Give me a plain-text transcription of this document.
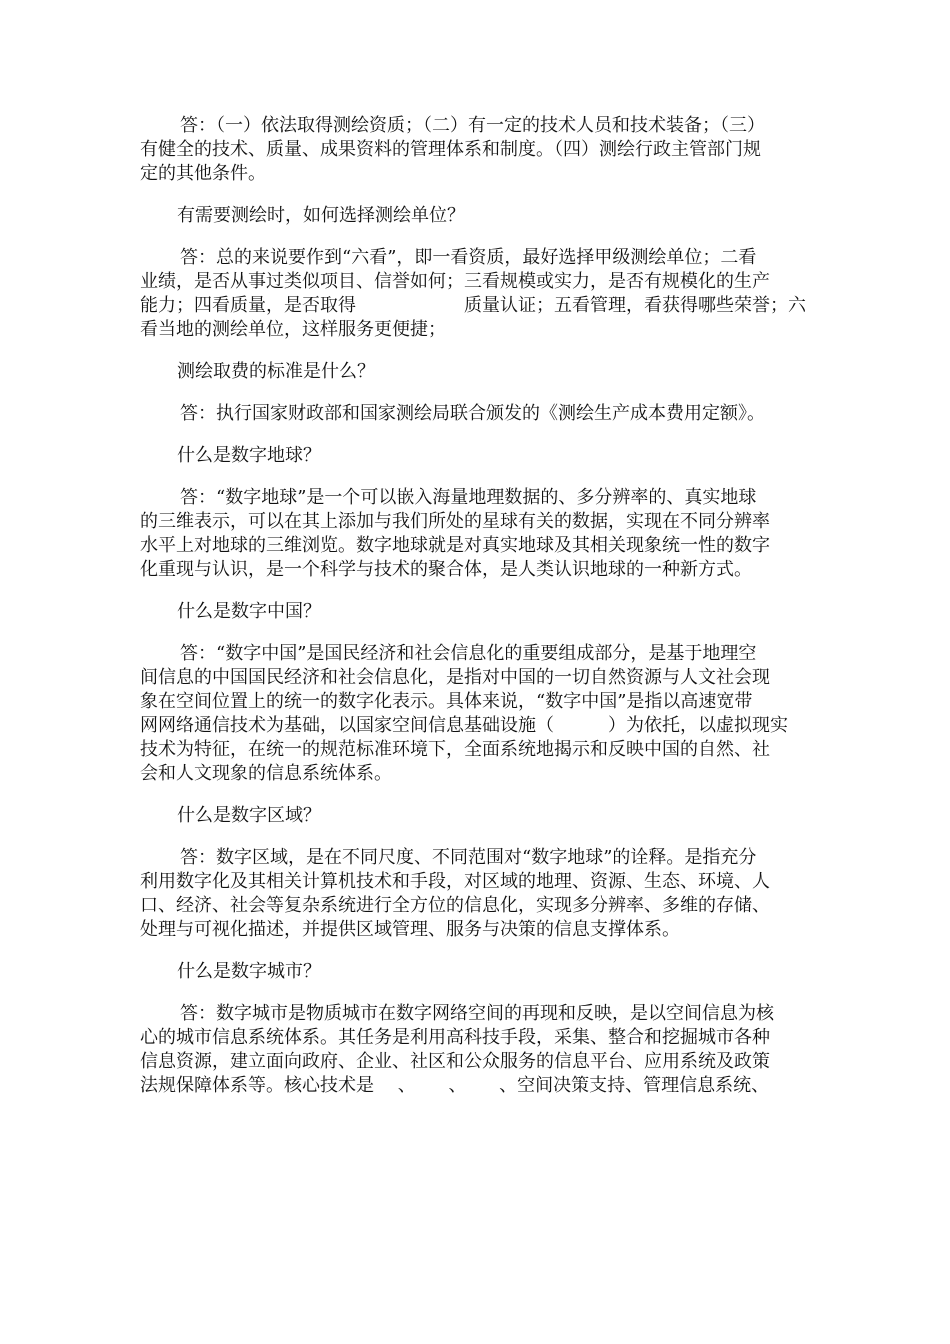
答：（一）依法取得测绘资质；（二）有一定的技术人员和技术装备；（三）
有健全的技术、质量、成果资料的管理体系和制度。（四）测绘行政主管部门规
定的其他条件。

有需要测绘时，如何选择测绘单位？

答：总的来说要作到“六看”，即一看资质，最好选择甲级测绘单位；二看
业绩，是否从事过类似项目、信誉如何；三看规模或实力，是否有规模化的生产
能力；四看质量，是否取得　　　　　　质量认证；五看管理，看获得哪些荣誉；六
看当地的测绘单位，这样服务更便捷；

测绘取费的标准是什么？

答：执行国家财政部和国家测绘局联合颁发的《测绘生产成本费用定额》。

什么是数字地球？

答：“数字地球”是一个可以嵌入海量地理数据的、多分辨率的、真实地球
的三维表示，可以在其上添加与我们所处的星球有关的数据，实现在不同分辨率
水平上对地球的三维浏览。数字地球就是对真实地球及其相关现象统一性的数字
化重现与认识，是一个科学与技术的聚合体，是人类认识地球的一种新方式。

什么是数字中国？

答：“数字中国”是国民经济和社会信息化的重要组成部分，是基于地理空
间信息的中国国民经济和社会信息化，是指对中国的一切自然资源与人文社会现
象在空间位置上的统一的数字化表示。具体来说，“数字中国”是指以高速宽带
网网络通信技术为基础，以国家空间信息基础设施（　　　）为依托，以虚拟现实
技术为特征，在统一的规范标准环境下，全面系统地揭示和反映中国的自然、社
会和人文现象的信息系统体系。

什么是数字区域？

答：数字区域，是在不同尺度、不同范围对“数字地球”的诠释。是指充分
利用数字化及其相关计算机技术和手段，对区域的地理、资源、生态、环境、人
口、经济、社会等复杂系统进行全方位的信息化，实现多分辨率、多维的存储、
处理与可视化描述，并提供区域管理、服务与决策的信息支撑体系。

什么是数字城市？

答：数字城市是物质城市在数字网络空间的再现和反映，是以空间信息为核
心的城市信息系统体系。其任务是利用高科技手段，采集、整合和挖掘城市各种
信息资源，建立面向政府、企业、社区和公众服务的信息平台、应用系统及政策
法规保障体系等。核心技术是　 、　　 、　　 、空间决策支持、管理信息系统、
